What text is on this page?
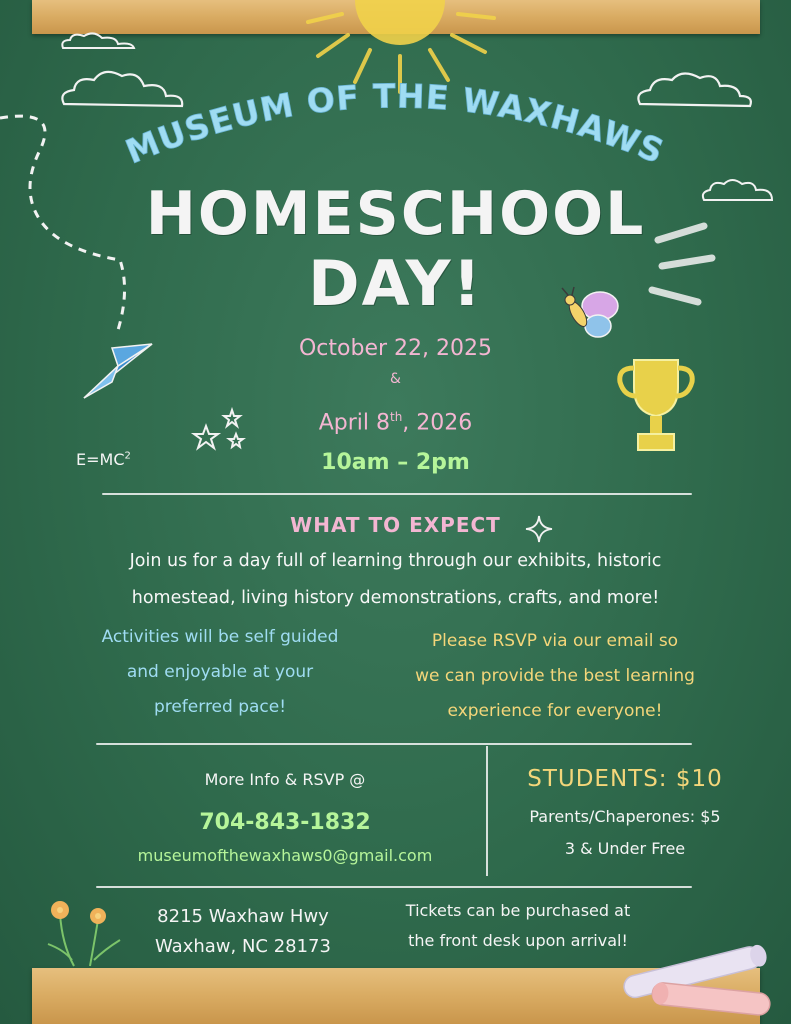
$E=MC^2$
MUSEUM OF THE WAXHAWS
HOMESCHOOL
DAY!
October 22, 2025
&
April 8th, 2026
10am – 2pm
WHAT TO EXPECT
Join us for a day full of learning through our exhibits, historic
homestead, living history demonstrations, crafts, and more!
Activities will be self guided
and enjoyable at your
preferred pace!
Please RSVP via our email so
we can provide the best learning
experience for everyone!
More Info & RSVP @
704-843-1832
museumofthewaxhaws0@gmail.com
STUDENTS: $10
Parents/Chaperones: $5
3 & Under Free
8215 Waxhaw Hwy
Waxhaw, NC 28173
Tickets can be purchased at
the front desk upon arrival!
